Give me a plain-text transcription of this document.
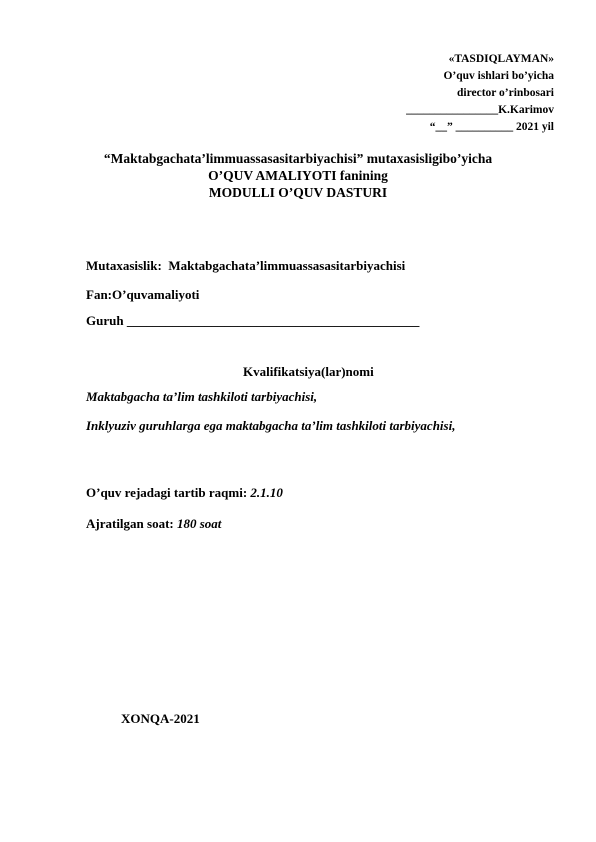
«TASDIQLAYMAN»
O’quv ishlari bo’yicha
director o’rinbosari
________________K.Karimov
“__” __________ 2021 yil
“Maktabgachata’limmuassasasitarbiyachisi” mutaxasisligibo’yicha
O’QUV AMALIYOTI fanining
MODULLI O’QUV DASTURI
Mutaxasislik: Maktabgachata’limmuassasasitarbiyachisi
Fan:O’quvamaliyoti
Guruh _____________________________________________
Kvalifikatsiya(lar)nomi
Maktabgacha ta’lim tashkiloti tarbiyachisi,
Inklyuziv guruhlarga ega maktabgacha ta’lim tashkiloti tarbiyachisi,
O’quv rejadagi tartib raqmi: 2.1.10
Ajratilgan soat: 180 soat
XONQA-2021
